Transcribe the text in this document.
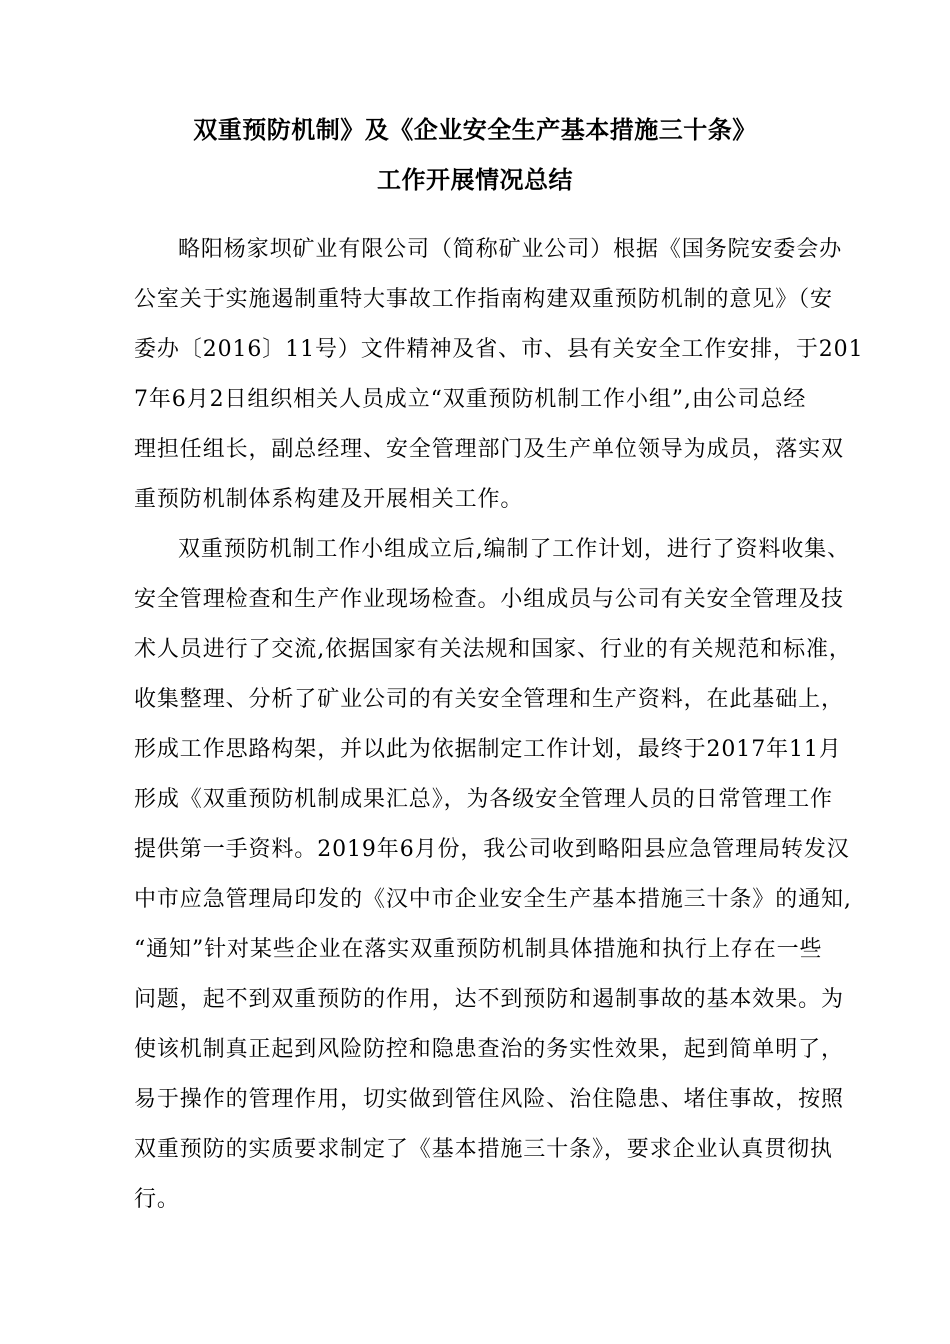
双重预防机制》及《企业安全生产基本措施三十条》
工作开展情况总结
略阳杨家坝矿业有限公司（简称矿业公司）根据《国务院安委会办
公室关于实施遏制重特大事故工作指南构建双重预防机制的意见》（安
委办〔2016〕11号）文件精神及省、市、县有关安全工作安排，于201
7年6月2日组织相关人员成立“双重预防机制工作小组”,由公司总经
理担任组长，副总经理、安全管理部门及生产单位领导为成员，落实双
重预防机制体系构建及开展相关工作。
双重预防机制工作小组成立后,编制了工作计划，进行了资料收集、
安全管理检查和生产作业现场检查。小组成员与公司有关安全管理及技
术人员进行了交流,依据国家有关法规和国家、行业的有关规范和标准，
收集整理、分析了矿业公司的有关安全管理和生产资料，在此基础上，
形成工作思路构架，并以此为依据制定工作计划，最终于2017年11月
形成《双重预防机制成果汇总》，为各级安全管理人员的日常管理工作
提供第一手资料。2019年6月份，我公司收到略阳县应急管理局转发汉
中市应急管理局印发的《汉中市企业安全生产基本措施三十条》的通知,
“通知”针对某些企业在落实双重预防机制具体措施和执行上存在一些
问题，起不到双重预防的作用，达不到预防和遏制事故的基本效果。为
使该机制真正起到风险防控和隐患查治的务实性效果，起到简单明了，
易于操作的管理作用，切实做到管住风险、治住隐患、堵住事故，按照
双重预防的实质要求制定了《基本措施三十条》，要求企业认真贯彻执
行。
